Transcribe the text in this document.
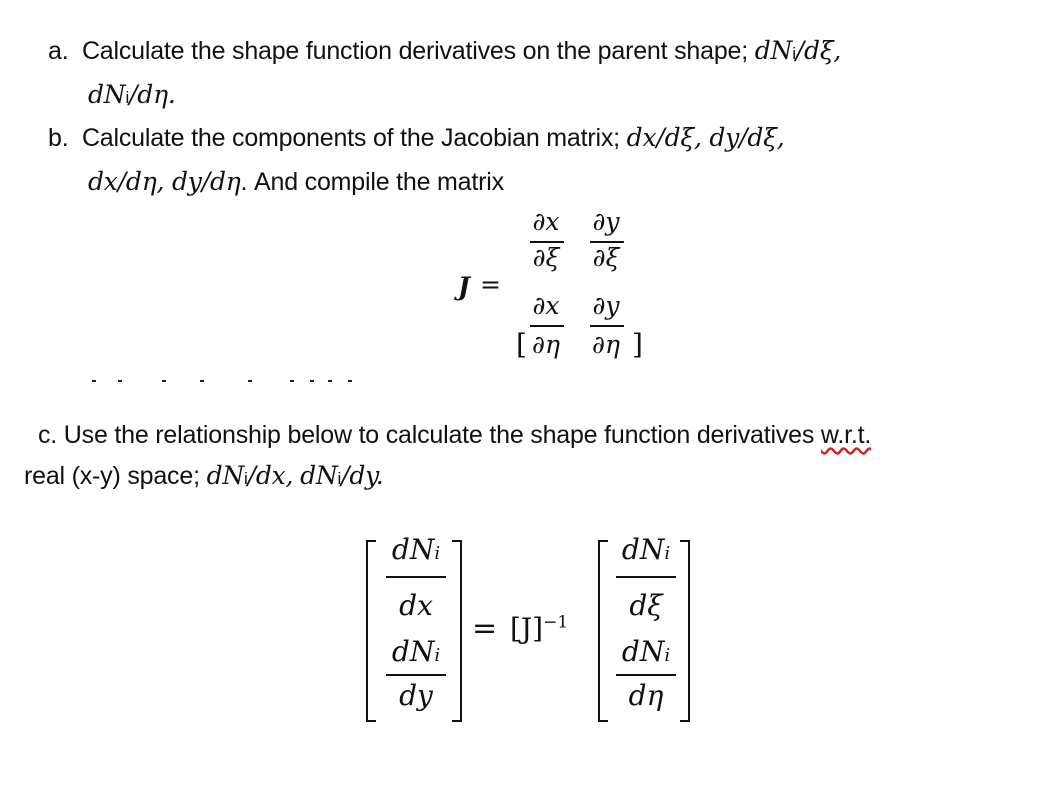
a. Calculate the shape function derivatives on the parent shape; dNi/dξ,
dNi/dη.
b. Calculate the components of the Jacobian matrix; dx/dξ, dy/dξ,
dx/dη, dy/dη. And compile the matrix
J =
∂x
∂ξ
∂y
∂ξ
∂x
∂η
∂y
∂η
[	]
c. Use the relationship below to calculate the shape function derivatives w.r.t.
real (x-y) space; dNi/dx, dNi/dy.
dNi
dx
dNi
dy
= $[J]^{-1}$
dNi
dξ
dNi
dη
